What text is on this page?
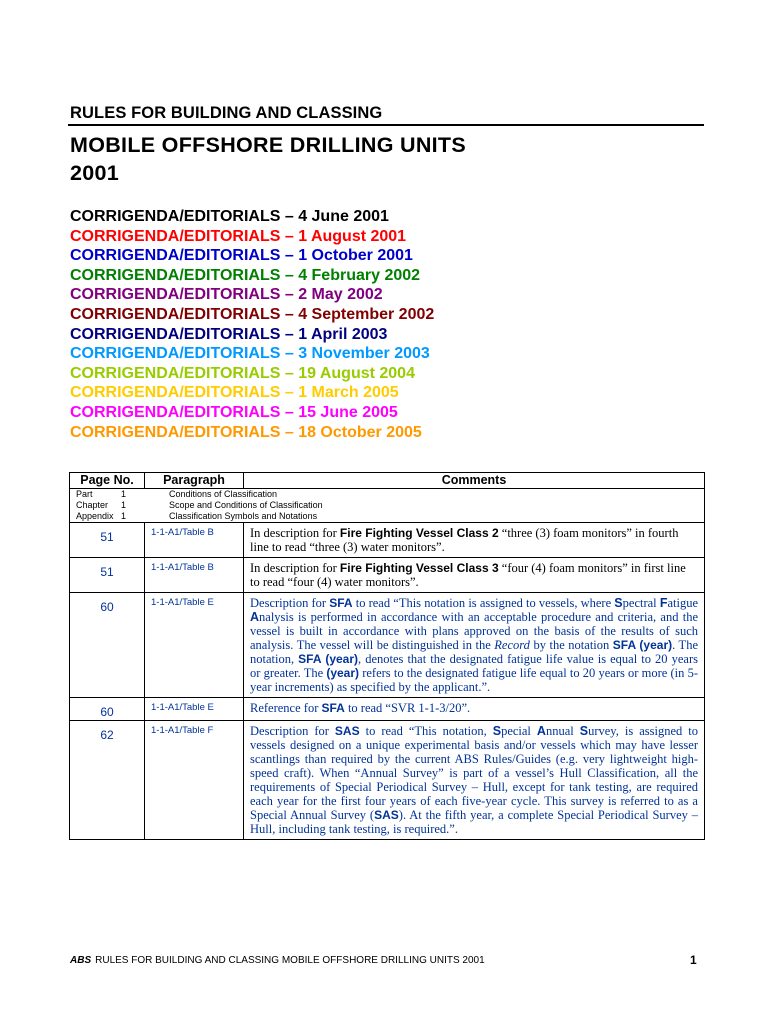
RULES FOR BUILDING AND CLASSING
MOBILE OFFSHORE DRILLING UNITS
2001
CORRIGENDA/EDITORIALS – 4 June 2001
CORRIGENDA/EDITORIALS – 1 August 2001
CORRIGENDA/EDITORIALS – 1 October 2001
CORRIGENDA/EDITORIALS – 4 February 2002
CORRIGENDA/EDITORIALS – 2 May 2002
CORRIGENDA/EDITORIALS – 4 September 2002
CORRIGENDA/EDITORIALS – 1 April 2003
CORRIGENDA/EDITORIALS – 3 November 2003
CORRIGENDA/EDITORIALS – 19 August 2004
CORRIGENDA/EDITORIALS – 1 March 2005
CORRIGENDA/EDITORIALS – 15 June 2005
CORRIGENDA/EDITORIALS – 18 October 2005
Page No.	Paragraph	Comments

Part 1 Conditions of Classification
Chapter 1 Scope and Conditions of Classification
Appendix 1 Classification Symbols and Notations		

51	1-1-A1/Table B	In description for Fire Fighting Vessel Class 2 “three (3) foam monitors” in fourth line to read “three (3) water monitors”.
51	1-1-A1/Table B	In description for Fire Fighting Vessel Class 3 “four (4) foam monitors” in first line to read “four (4) water monitors”.
60	1-1-A1/Table E	Description for SFA to read “This notation is assigned to vessels, where Spectral Fatigue Analysis is performed in accordance with an acceptable procedure and criteria, and the vessel is built in accordance with plans approved on the basis of the results of such analysis. The vessel will be distinguished in the Record by the notation SFA (year). The notation, SFA (year), denotes that the designated fatigue life value is equal to 20 years or greater. The (year) refers to the designated fatigue life equal to 20 years or more (in 5-year increments) as specified by the applicant.”.
60	1-1-A1/Table E	Reference for SFA to read “SVR 1-1-3/20”.
62	1-1-A1/Table F	Description for SAS to read “This notation, Special Annual Survey, is assigned to vessels designed on a unique experimental basis and/or vessels which may have lesser scantlings than required by the current ABS Rules/Guides (e.g. very lightweight high-speed craft). When “Annual Survey” is part of a vessel’s Hull Classification, all the requirements of Special Periodical Survey – Hull, except for tank testing, are required each year for the first four years of each five-year cycle. This survey is referred to as a Special Annual Survey (SAS). At the fifth year, a complete Special Periodical Survey – Hull, including tank testing, is required.”.
ABS RULES FOR BUILDING AND CLASSING MOBILE OFFSHORE DRILLING UNITS 2001	1
